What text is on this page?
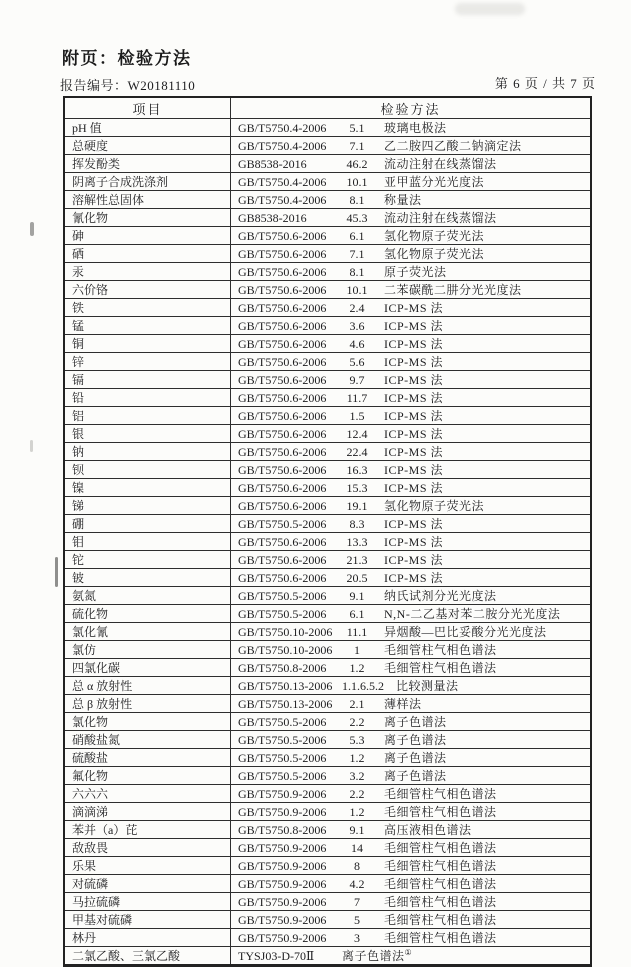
附页：检验方法
报告编号：W20181110	第 6 页 / 共 7 页
项目	检验方法
pH 值	GB/T5750.4-2006 5.1 玻璃电极法
总硬度	GB/T5750.4-2006 7.1 乙二胺四乙酸二钠滴定法
挥发酚类	GB8538-2016 46.2 流动注射在线蒸馏法
阴离子合成洗涤剂	GB/T5750.4-2006 10.1 亚甲蓝分光光度法
溶解性总固体	GB/T5750.4-2006 8.1 称量法
氰化物	GB8538-2016 45.3 流动注射在线蒸馏法
砷	GB/T5750.6-2006 6.1 氢化物原子荧光法
硒	GB/T5750.6-2006 7.1 氢化物原子荧光法
汞	GB/T5750.6-2006 8.1 原子荧光法
六价铬	GB/T5750.6-2006 10.1 二苯碳酰二肼分光光度法
铁	GB/T5750.6-2006 2.4 ICP-MS 法
锰	GB/T5750.6-2006 3.6 ICP-MS 法
铜	GB/T5750.6-2006 4.6 ICP-MS 法
锌	GB/T5750.6-2006 5.6 ICP-MS 法
镉	GB/T5750.6-2006 9.7 ICP-MS 法
铅	GB/T5750.6-2006 11.7 ICP-MS 法
铝	GB/T5750.6-2006 1.5 ICP-MS 法
银	GB/T5750.6-2006 12.4 ICP-MS 法
钠	GB/T5750.6-2006 22.4 ICP-MS 法
钡	GB/T5750.6-2006 16.3 ICP-MS 法
镍	GB/T5750.6-2006 15.3 ICP-MS 法
锑	GB/T5750.6-2006 19.1 氢化物原子荧光法
硼	GB/T5750.5-2006 8.3 ICP-MS 法
钼	GB/T5750.6-2006 13.3 ICP-MS 法
铊	GB/T5750.6-2006 21.3 ICP-MS 法
铍	GB/T5750.6-2006 20.5 ICP-MS 法
氨氮	GB/T5750.5-2006 9.1 纳氏试剂分光光度法
硫化物	GB/T5750.5-2006 6.1 N,N-二乙基对苯二胺分光光度法
氯化氰	GB/T5750.10-2006 11.1 异烟酸—巴比妥酸分光光度法
氯仿	GB/T5750.10-2006 1 毛细管柱气相色谱法
四氯化碳	GB/T5750.8-2006 1.2 毛细管柱气相色谱法
总 α 放射性	GB/T5750.13-2006 1.1.6.5.2 比较测量法
总 β 放射性	GB/T5750.13-2006 2.1 薄样法
氯化物	GB/T5750.5-2006 2.2 离子色谱法
硝酸盐氮	GB/T5750.5-2006 5.3 离子色谱法
硫酸盐	GB/T5750.5-2006 1.2 离子色谱法
氟化物	GB/T5750.5-2006 3.2 离子色谱法
六六六	GB/T5750.9-2006 2.2 毛细管柱气相色谱法
滴滴涕	GB/T5750.9-2006 1.2 毛细管柱气相色谱法
苯并（a）芘	GB/T5750.8-2006 9.1 高压液相色谱法
敌敌畏	GB/T5750.9-2006 14 毛细管柱气相色谱法
乐果	GB/T5750.9-2006 8 毛细管柱气相色谱法
对硫磷	GB/T5750.9-2006 4.2 毛细管柱气相色谱法
马拉硫磷	GB/T5750.9-2006 7 毛细管柱气相色谱法
甲基对硫磷	GB/T5750.9-2006 5 毛细管柱气相色谱法
林丹	GB/T5750.9-2006 3 毛细管柱气相色谱法
二氯乙酸、三氯乙酸	TYSJ03-D-70Ⅱ 离子色谱法①
